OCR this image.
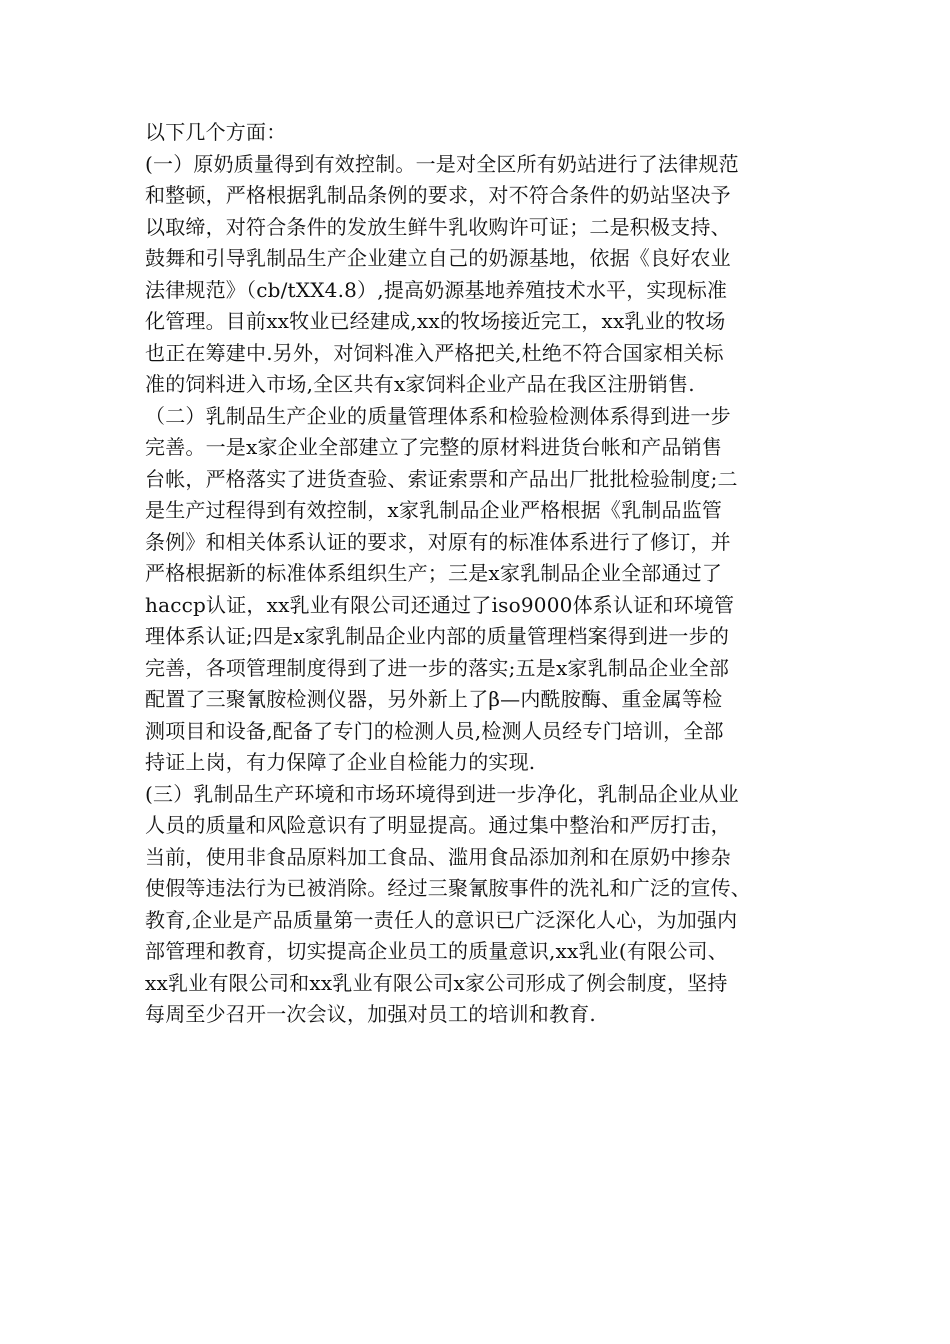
以下几个方面：
(一）原奶质量得到有效控制。一是对全区所有奶站进行了法律规范
和整顿，严格根据乳制品条例的要求，对不符合条件的奶站坚决予
以取缔，对符合条件的发放生鲜牛乳收购许可证；二是积极支持、
鼓舞和引导乳制品生产企业建立自己的奶源基地，依据《良好农业
法律规范》（cb/tXX4.8）,提高奶源基地养殖技术水平，实现标准
化管理。目前xx牧业已经建成,xx的牧场接近完工，xx乳业的牧场
也正在筹建中.另外，对饲料准入严格把关,杜绝不符合国家相关标
准的饲料进入市场,全区共有x家饲料企业产品在我区注册销售.
（二）乳制品生产企业的质量管理体系和检验检测体系得到进一步
完善。一是x家企业全部建立了完整的原材料进货台帐和产品销售
台帐，严格落实了进货查验、索证索票和产品出厂批批检验制度;二
是生产过程得到有效控制，x家乳制品企业严格根据《乳制品监管
条例》和相关体系认证的要求，对原有的标准体系进行了修订，并
严格根据新的标准体系组织生产；三是x家乳制品企业全部通过了
haccp认证，xx乳业有限公司还通过了iso9000体系认证和环境管
理体系认证;四是x家乳制品企业内部的质量管理档案得到进一步的
完善，各项管理制度得到了进一步的落实;五是x家乳制品企业全部
配置了三聚氰胺检测仪器，另外新上了β—内酰胺酶、重金属等检
测项目和设备,配备了专门的检测人员,检测人员经专门培训，全部
持证上岗，有力保障了企业自检能力的实现.
(三）乳制品生产环境和市场环境得到进一步净化，乳制品企业从业
人员的质量和风险意识有了明显提高。通过集中整治和严厉打击，
当前，使用非食品原料加工食品、滥用食品添加剂和在原奶中掺杂
使假等违法行为已被消除。经过三聚氰胺事件的洗礼和广泛的宣传、
教育,企业是产品质量第一责任人的意识已广泛深化人心，为加强内
部管理和教育，切实提高企业员工的质量意识,xx乳业(有限公司、
xx乳业有限公司和xx乳业有限公司x家公司形成了例会制度，坚持
每周至少召开一次会议，加强对员工的培训和教育.
